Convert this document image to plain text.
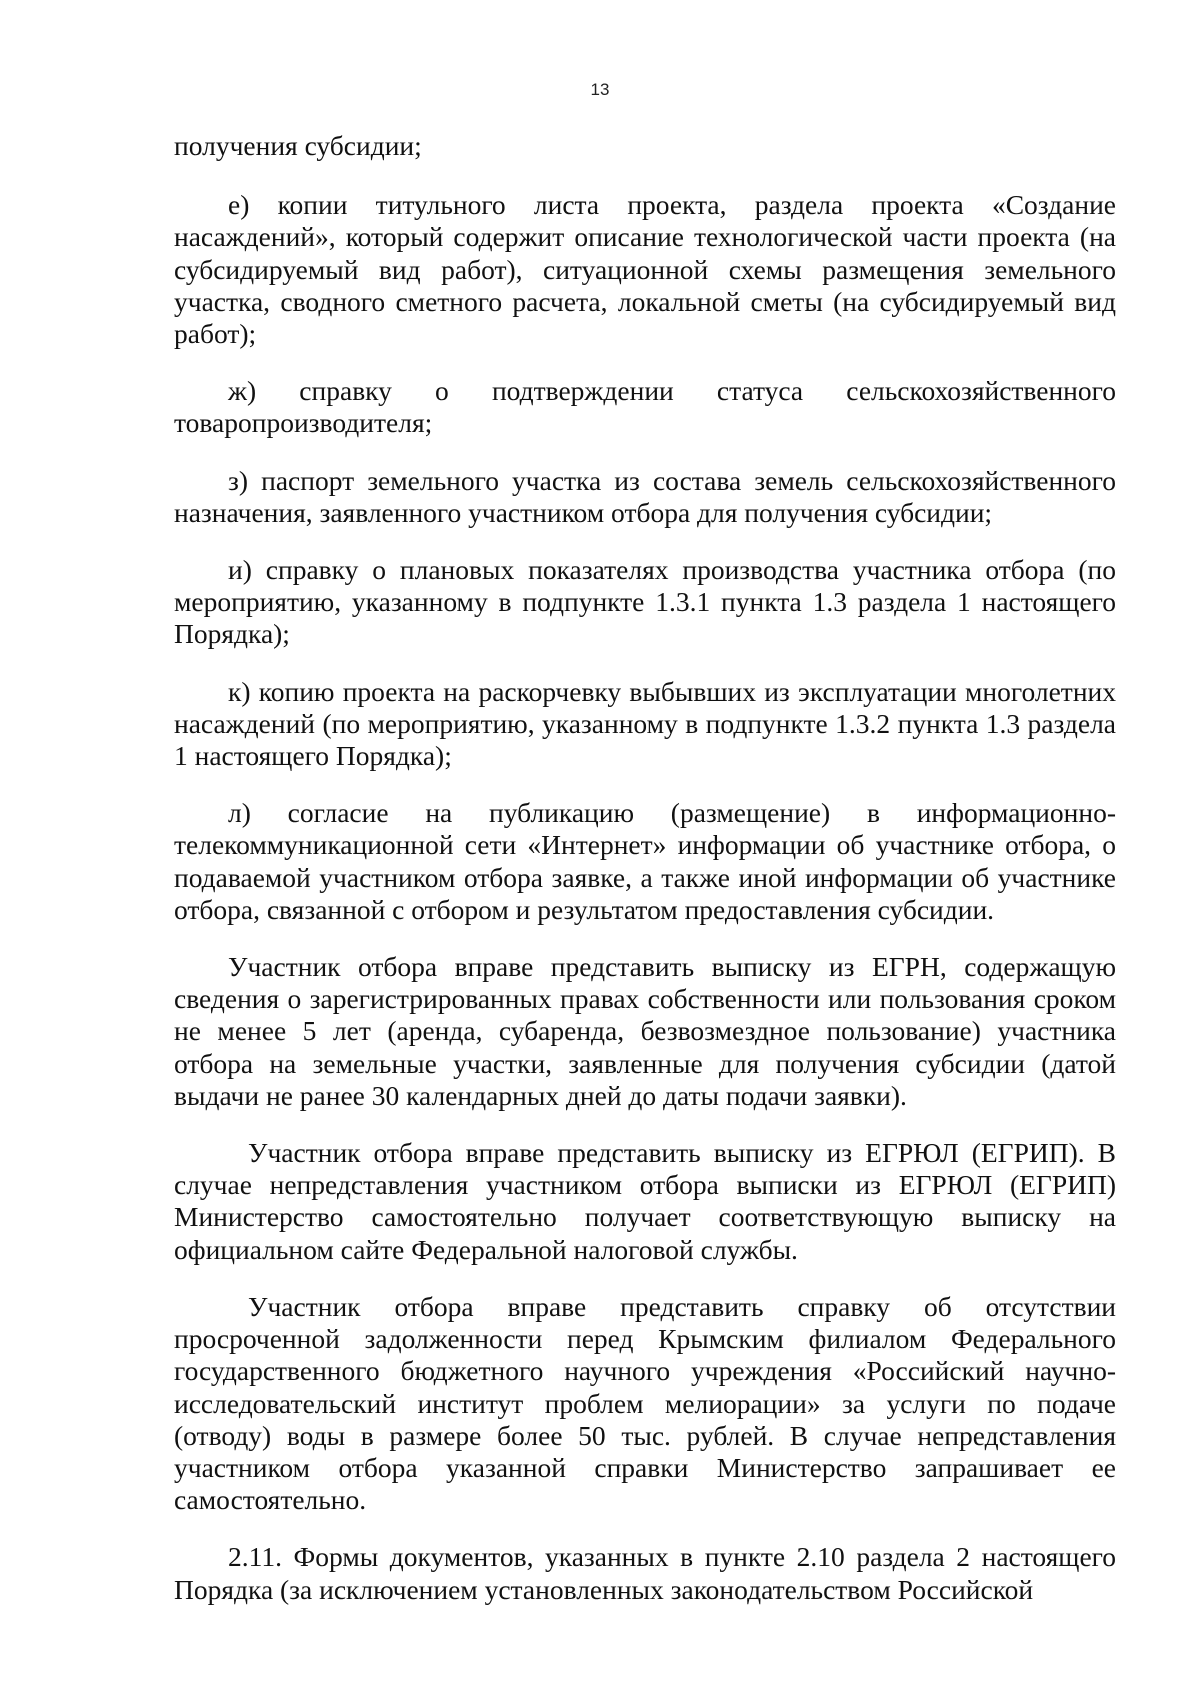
13

получения субсидии;

е) копии титульного листа проекта, раздела проекта «Создание насаждений», который содержит описание технологической части проекта (на субсидируемый вид работ), ситуационной схемы размещения земельного участка, сводного сметного расчета, локальной сметы (на субсидируемый вид работ);

ж) справку о подтверждении статуса сельскохозяйственного товаропроизводителя;

з) паспорт земельного участка из состава земель сельскохозяйственного назначения, заявленного участником отбора для получения субсидии;

и) справку о плановых показателях производства участника отбора (по мероприятию, указанному в подпункте 1.3.1 пункта 1.3 раздела 1 настоящего Порядка);

к) копию проекта на раскорчевку выбывших из эксплуатации многолетних насаждений (по мероприятию, указанному в подпункте 1.3.2 пункта 1.3 раздела 1 настоящего Порядка);

л) согласие на публикацию (размещение) в информационно-телекоммуникационной сети «Интернет» информации об участнике отбора, о подаваемой участником отбора заявке, а также иной информации об участнике отбора, связанной с отбором и результатом предоставления субсидии.

Участник отбора вправе представить выписку из ЕГРН, содержащую сведения о зарегистрированных правах собственности или пользования сроком не менее 5 лет (аренда, субаренда, безвозмездное пользование) участника отбора на земельные участки, заявленные для получения субсидии (датой выдачи не ранее 30 календарных дней до даты подачи заявки).

Участник отбора вправе представить выписку из ЕГРЮЛ (ЕГРИП). В случае непредставления участником отбора выписки из ЕГРЮЛ (ЕГРИП) Министерство самостоятельно получает соответствующую выписку на официальном сайте Федеральной налоговой службы.

Участник отбора вправе представить справку об отсутствии просроченной задолженности перед Крымским филиалом Федерального государственного бюджетного научного учреждения «Российский научно-исследовательский институт проблем мелиорации» за услуги по подаче (отводу) воды в размере более 50 тыс. рублей. В случае непредставления участником отбора указанной справки Министерство запрашивает ее самостоятельно.

2.11. Формы документов, указанных в пункте 2.10 раздела 2 настоящего Порядка (за исключением установленных законодательством Российской
